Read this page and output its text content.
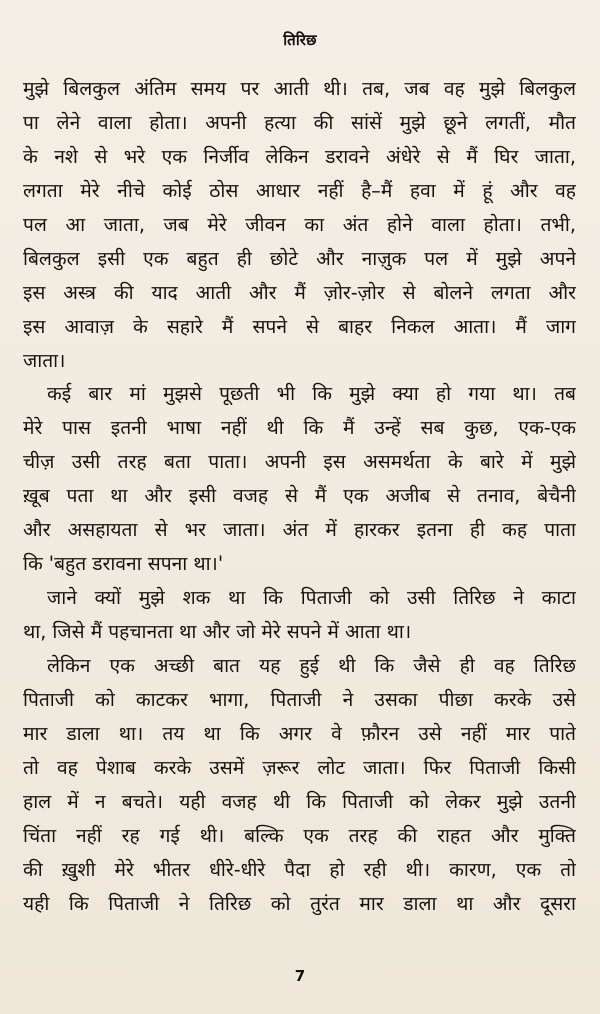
तिरिछ
मुझे बिलकुल अंतिम समय पर आती थी। तब, जब वह मुझे बिलकुल
पा लेने वाला होता। अपनी हत्या की सांसें मुझे छूने लगतीं, मौत
के नशे से भरे एक निर्जीव लेकिन डरावने अंधेरे से मैं घिर जाता,
लगता मेरे नीचे कोई ठोस आधार नहीं है–मैं हवा में हूं और वह
पल आ जाता, जब मेरे जीवन का अंत होने वाला होता। तभी,
बिलकुल इसी एक बहुत ही छोटे और नाज़ुक पल में मुझे अपने
इस अस्त्र की याद आती और मैं ज़ोर-ज़ोर से बोलने लगता और
इस आवाज़ के सहारे मैं सपने से बाहर निकल आता। मैं जाग
जाता।
कई बार मां मुझसे पूछती भी कि मुझे क्या हो गया था। तब
मेरे पास इतनी भाषा नहीं थी कि मैं उन्हें सब कुछ, एक-एक
चीज़ उसी तरह बता पाता। अपनी इस असमर्थता के बारे में मुझे
ख़ूब पता था और इसी वजह से मैं एक अजीब से तनाव, बेचैनी
और असहायता से भर जाता। अंत में हारकर इतना ही कह पाता
कि 'बहुत डरावना सपना था।'
जाने क्यों मुझे शक था कि पिताजी को उसी तिरिछ ने काटा
था, जिसे मैं पहचानता था और जो मेरे सपने में आता था।
लेकिन एक अच्छी बात यह हुई थी कि जैसे ही वह तिरिछ
पिताजी को काटकर भागा, पिताजी ने उसका पीछा करके उसे
मार डाला था। तय था कि अगर वे फ़ौरन उसे नहीं मार पाते
तो वह पेशाब करके उसमें ज़रूर लोट जाता। फिर पिताजी किसी
हाल में न बचते। यही वजह थी कि पिताजी को लेकर मुझे उतनी
चिंता नहीं रह गई थी। बल्कि एक तरह की राहत और मुक्ति
की ख़ुशी मेरे भीतर धीरे-धीरे पैदा हो रही थी। कारण, एक तो
यही कि पिताजी ने तिरिछ को तुरंत मार डाला था और दूसरा
7
